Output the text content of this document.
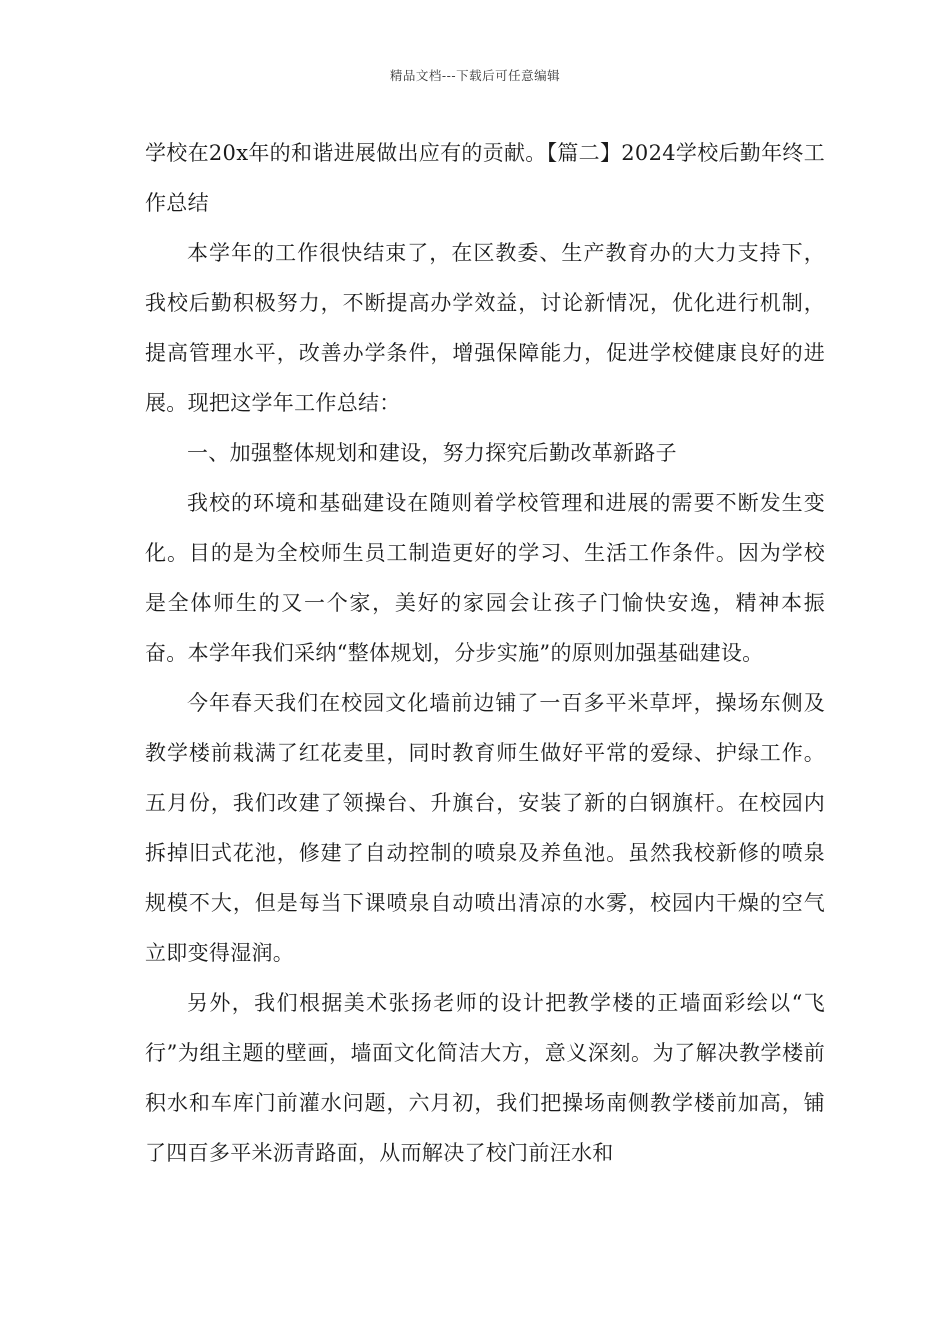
精品文档---下载后可任意编辑

学校在20x年的和谐进展做出应有的贡献。【篇二】2024学校后勤年终工作总结

本学年的工作很快结束了，在区教委、生产教育办的大力支持下，我校后勤积极努力，不断提高办学效益，讨论新情况，优化进行机制，提高管理水平，改善办学条件，增强保障能力，促进学校健康良好的进展。现把这学年工作总结：

一、加强整体规划和建设，努力探究后勤改革新路子

我校的环境和基础建设在随则着学校管理和进展的需要不断发生变化。目的是为全校师生员工制造更好的学习、生活工作条件。因为学校是全体师生的又一个家，美好的家园会让孩子门愉快安逸，精神本振奋。本学年我们采纳“整体规划，分步实施”的原则加强基础建设。

今年春天我们在校园文化墙前边铺了一百多平米草坪，操场东侧及教学楼前栽满了红花麦里，同时教育师生做好平常的爱绿、护绿工作。五月份，我们改建了领操台、升旗台，安装了新的白钢旗杆。在校园内拆掉旧式花池，修建了自动控制的喷泉及养鱼池。虽然我校新修的喷泉规模不大，但是每当下课喷泉自动喷出清凉的水雾，校园内干燥的空气立即变得湿润。

另外，我们根据美术张扬老师的设计把教学楼的正墙面彩绘以“飞行”为组主题的壁画，墙面文化简洁大方，意义深刻。为了解决教学楼前积水和车库门前灌水问题，六月初，我们把操场南侧教学楼前加高，铺了四百多平米沥青路面，从而解决了校门前汪水和
